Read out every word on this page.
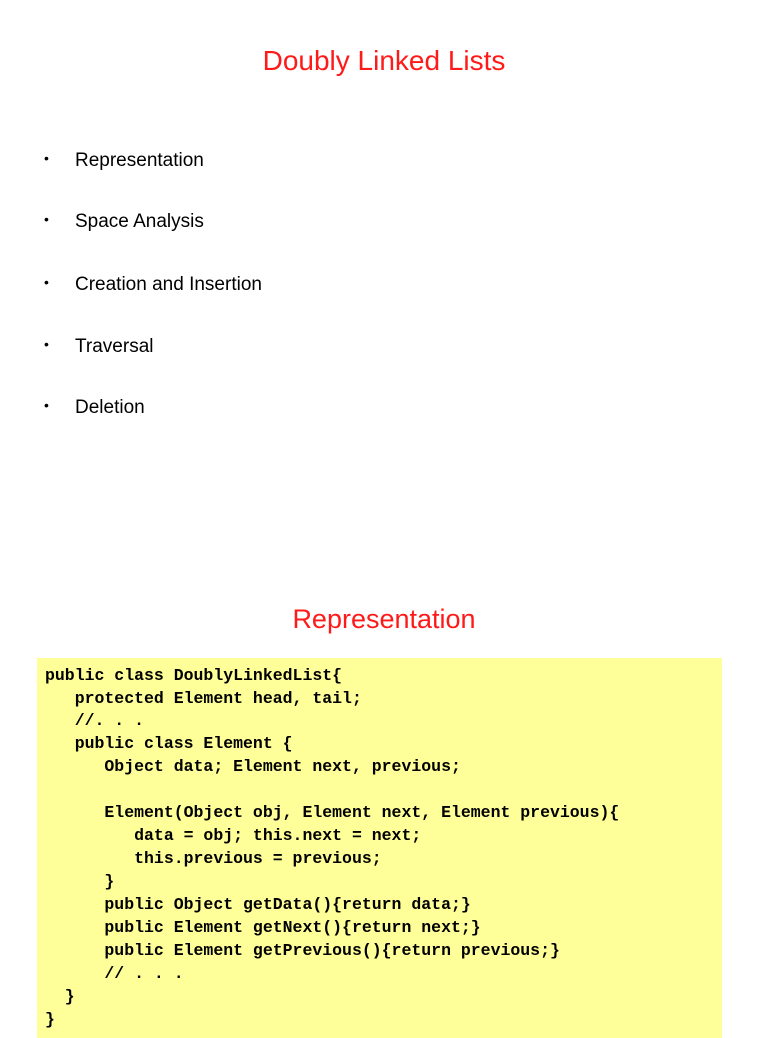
Doubly Linked Lists
• Representation
• Space Analysis
• Creation and Insertion
• Traversal
• Deletion
Representation
public class DoublyLinkedList{
protected Element head, tail;
//. . .
public class Element {
Object data; Element next, previous;
Element(Object obj, Element next, Element previous){
data = obj; this.next = next;
this.previous = previous;
}
public Object getData(){return data;}
public Element getNext(){return next;}
public Element getPrevious(){return previous;}
// . . .
}
}
